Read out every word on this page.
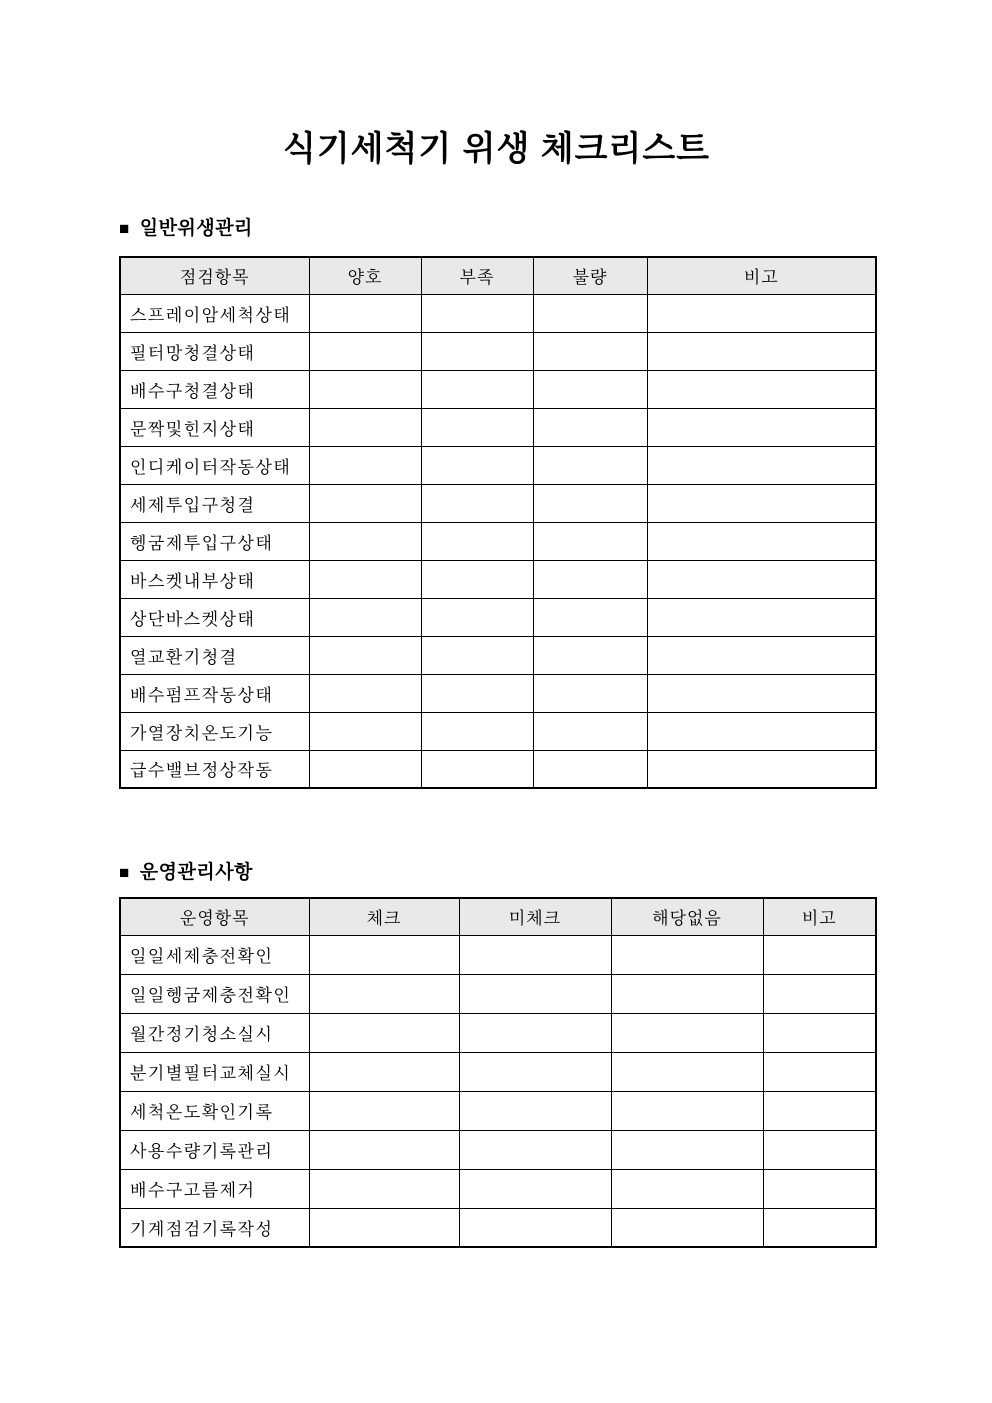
식기세척기 위생 체크리스트
■ 일반위생관리
점검항목	양호	부족	불량	비고
스프레이암세척상태				
필터망청결상태				
배수구청결상태				
문짝및힌지상태				
인디케이터작동상태				
세제투입구청결				
헹굼제투입구상태				
바스켓내부상태				
상단바스켓상태				
열교환기청결				
배수펌프작동상태				
가열장치온도기능				
급수밸브정상작동				
■ 운영관리사항
운영항목	체크	미체크	해당없음	비고
일일세제충전확인				
일일헹굼제충전확인				
월간정기청소실시				
분기별필터교체실시				
세척온도확인기록				
사용수량기록관리				
배수구고름제거				
기계점검기록작성				
